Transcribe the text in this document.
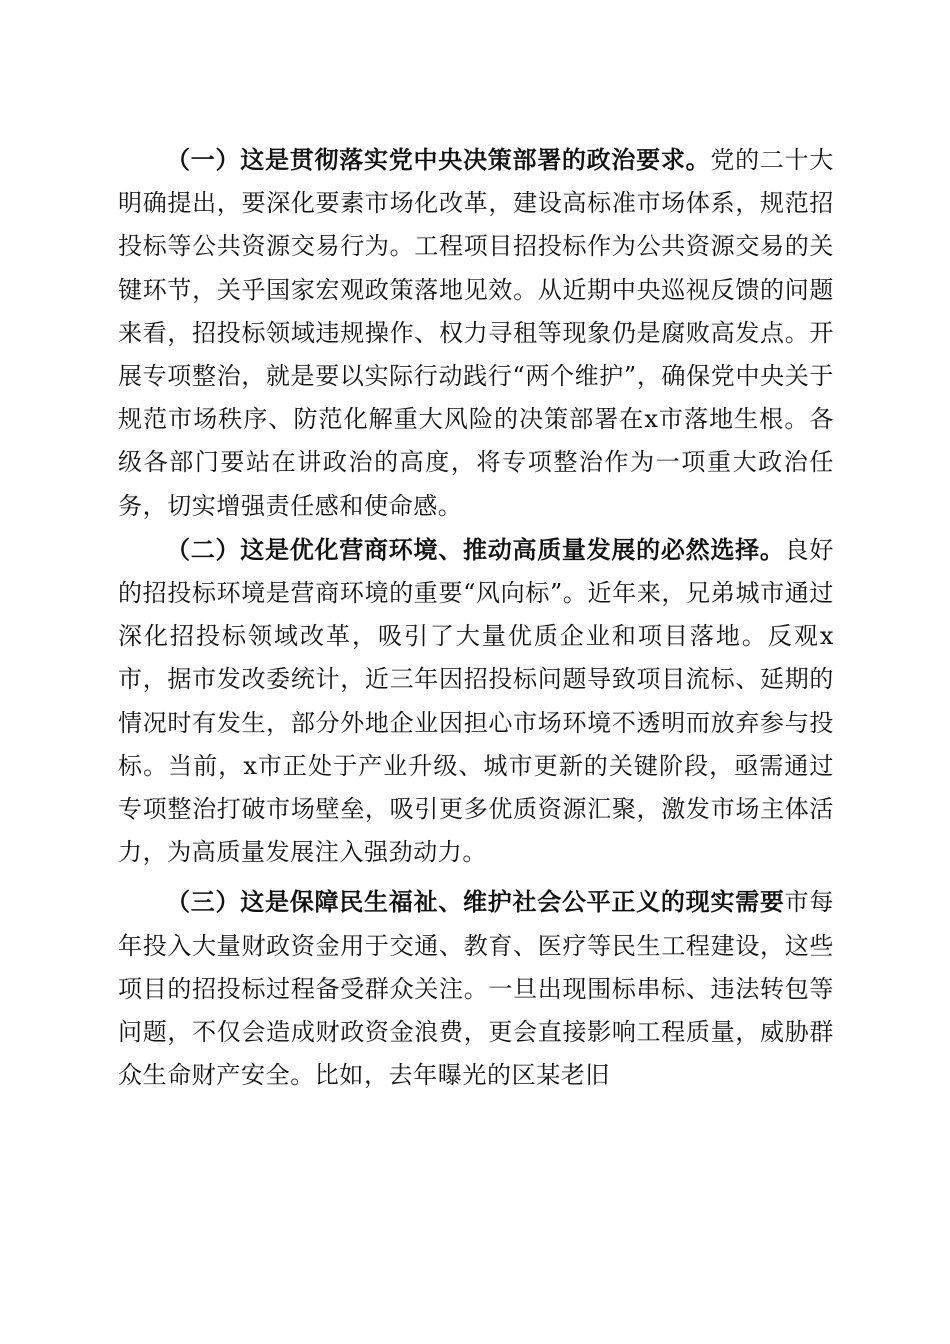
（一）这是贯彻落实党中央决策部署的政治要求。党的二十大明确提出，要深化要素市场化改革，建设高标准市场体系，规范招投标等公共资源交易行为。工程项目招投标作为公共资源交易的关键环节，关乎国家宏观政策落地见效。从近期中央巡视反馈的问题来看，招投标领域违规操作、权力寻租等现象仍是腐败高发点。开展专项整治，就是要以实际行动践行“两个维护”，确保党中央关于规范市场秩序、防范化解重大风险的决策部署在x市落地生根。各级各部门要站在讲政治的高度，将专项整治作为一项重大政治任务，切实增强责任感和使命感。

（二）这是优化营商环境、推动高质量发展的必然选择。良好的招投标环境是营商环境的重要“风向标”。近年来，兄弟城市通过深化招投标领域改革，吸引了大量优质企业和项目落地。反观x市，据市发改委统计，近三年因招投标问题导致项目流标、延期的情况时有发生，部分外地企业因担心市场环境不透明而放弃参与投标。当前，x市正处于产业升级、城市更新的关键阶段，亟需通过专项整治打破市场壁垒，吸引更多优质资源汇聚，激发市场主体活力，为高质量发展注入强劲动力。

（三）这是保障民生福祉、维护社会公平正义的现实需要市每年投入大量财政资金用于交通、教育、医疗等民生工程建设，这些项目的招投标过程备受群众关注。一旦出现围标串标、违法转包等问题，不仅会造成财政资金浪费，更会直接影响工程质量，威胁群众生命财产安全。比如，去年曝光的区某老旧
